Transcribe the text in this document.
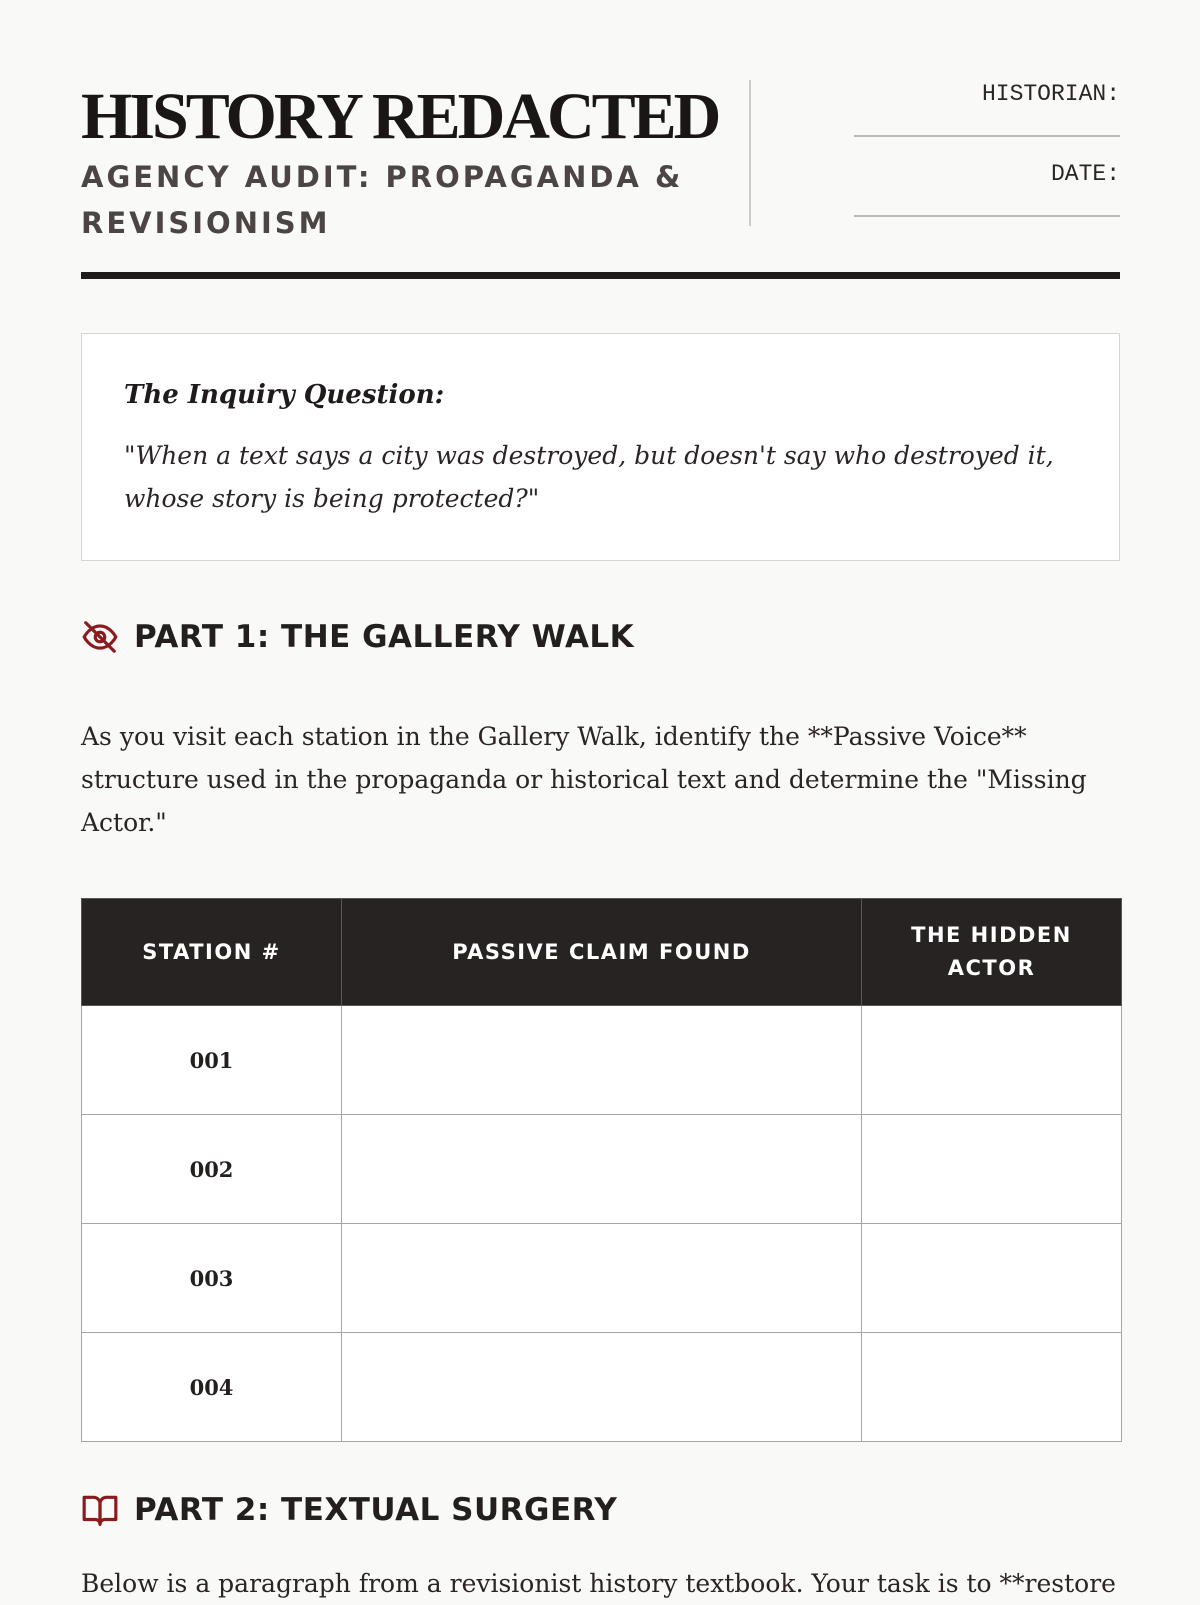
HISTORY REDACTED
AGENCY AUDIT: PROPAGANDA & REVISIONISM
HISTORIAN:
DATE:
The Inquiry Question:
"When a text says a city was destroyed, but doesn't say who destroyed it, whose story is being protected?"
PART 1: THE GALLERY WALK

As you visit each station in the Gallery Walk, identify the **Passive Voice** structure used in the propaganda or historical text and determine the "Missing Actor."

STATION #	PASSIVE CLAIM FOUND	THE HIDDEN ACTOR
001		
002		
003		
004		
PART 2: TEXTUAL SURGERY

Below is a paragraph from a revisionist history textbook. Your task is to **restore
